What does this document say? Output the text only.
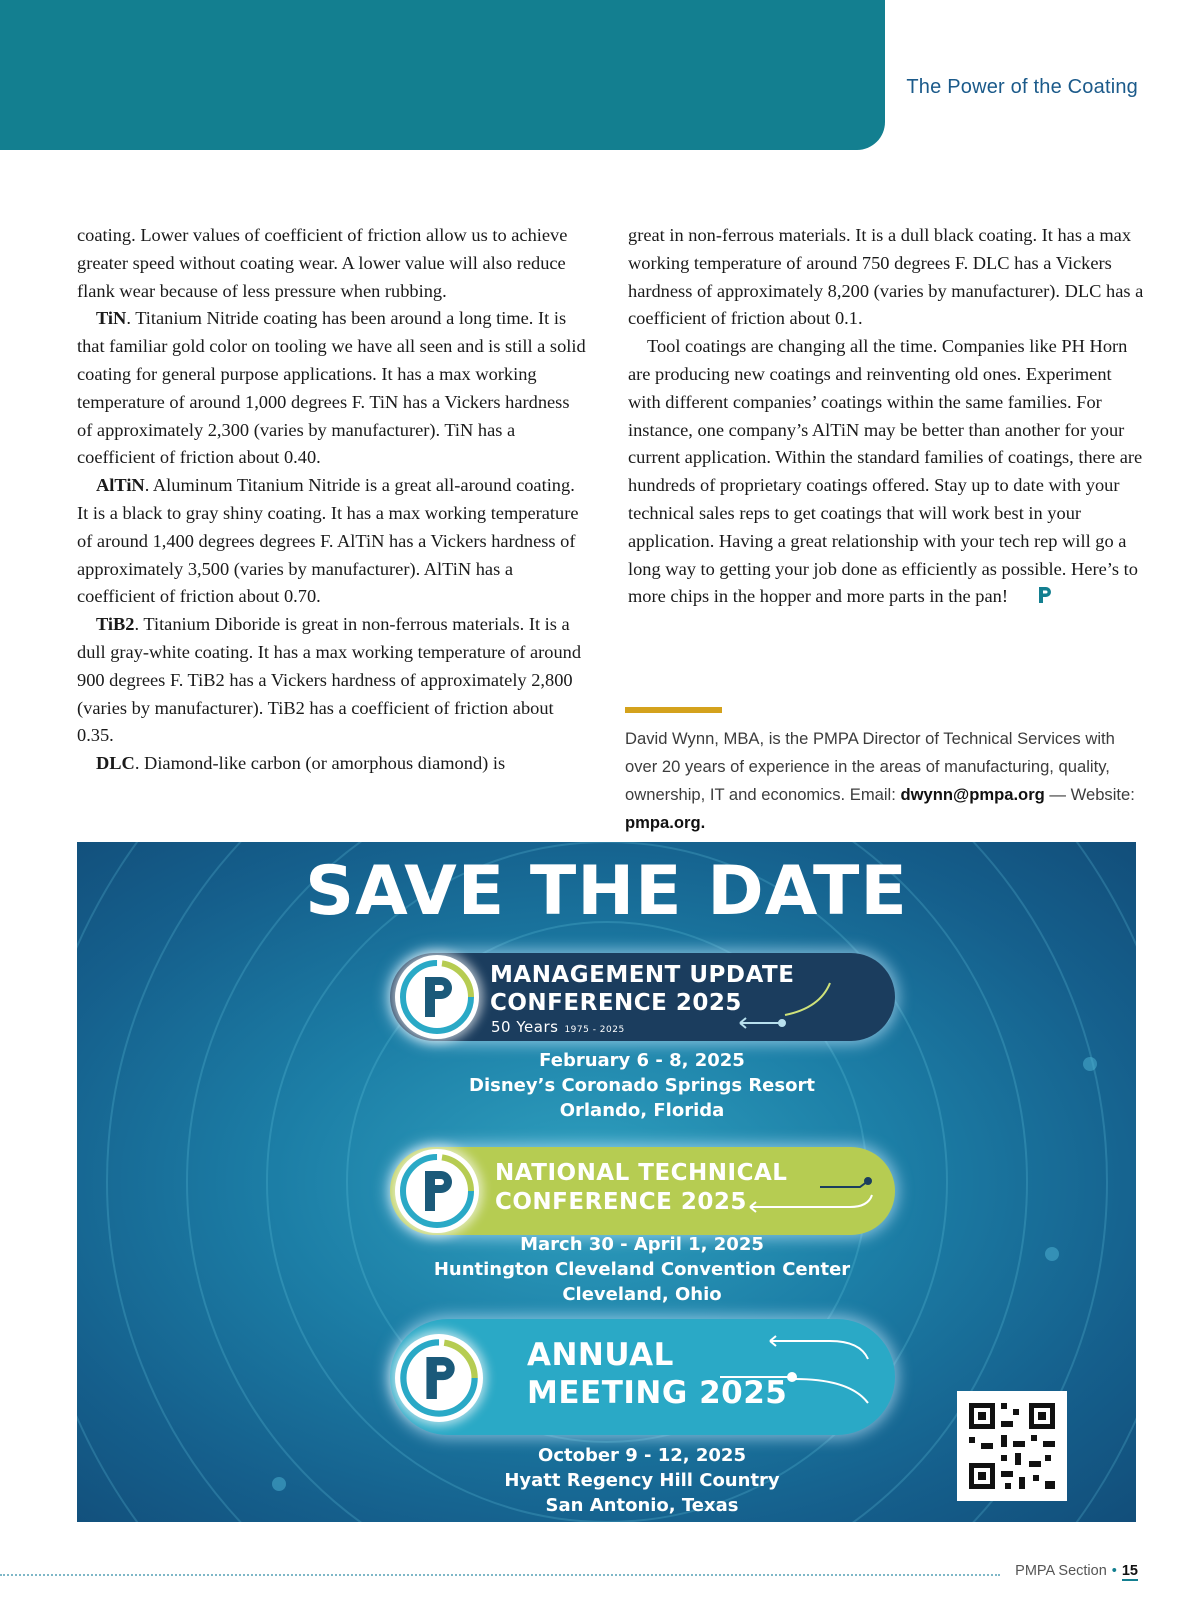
The Power of the Coating

coating. Lower values of coefficient of friction allow us to achieve greater speed without coating wear. A lower value will also reduce flank wear because of less pressure when rubbing.

TiN. Titanium Nitride coating has been around a long time. It is that familiar gold color on tooling we have all seen and is still a solid coating for general purpose applications. It has a max working temperature of around 1,000 degrees F. TiN has a Vickers hardness of approximately 2,300 (varies by manufacturer). TiN has a coefficient of friction about 0.40.

AlTiN. Aluminum Titanium Nitride is a great all-around coating. It is a black to gray shiny coating. It has a max working temperature of around 1,400 degrees degrees F. AlTiN has a Vickers hardness of approximately 3,500 (varies by manufacturer). AlTiN has a coefficient of friction about 0.70.

TiB2. Titanium Diboride is great in non-ferrous materials. It is a dull gray-white coating. It has a max working temperature of around 900 degrees F. TiB2 has a Vickers hardness of approximately 2,800 (varies by manufacturer). TiB2 has a coefficient of friction about 0.35.

DLC. Diamond-like carbon (or amorphous diamond) is

great in non-ferrous materials. It is a dull black coating. It has a max working temperature of around 750 degrees F. DLC has a Vickers hardness of approximately 8,200 (varies by manufacturer). DLC has a coefficient of friction about 0.1.

Tool coatings are changing all the time. Companies like PH Horn are producing new coatings and reinventing old ones. Experiment with different companies’ coatings within the same families. For instance, one company’s AlTiN may be better than another for your current application. Within the standard families of coatings, there are hundreds of proprietary coatings offered. Stay up to date with your technical sales reps to get coatings that will work best in your application. Having a great relationship with your tech rep will go a long way to getting your job done as efficiently as possible. Here’s to more chips in the hopper and more parts in the pan!

David Wynn, MBA, is the PMPA Director of Technical Services with over 20 years of experience in the areas of manufacturing, quality, ownership, IT and economics. Email: dwynn@pmpa.org — Website: pmpa.org.
SAVE THE DATE
MANAGEMENT UPDATE
CONFERENCE 2025
50 Years 1975 - 2025
February 6 - 8, 2025
Disney’s Coronado Springs Resort
Orlando, Florida
NATIONAL TECHNICAL
CONFERENCE 2025
March 30 - April 1, 2025
Huntington Cleveland Convention Center
Cleveland, Ohio
ANNUAL
MEETING 2025
October 9 - 12, 2025
Hyatt Regency Hill Country
San Antonio, Texas
PMPA Section • 15
